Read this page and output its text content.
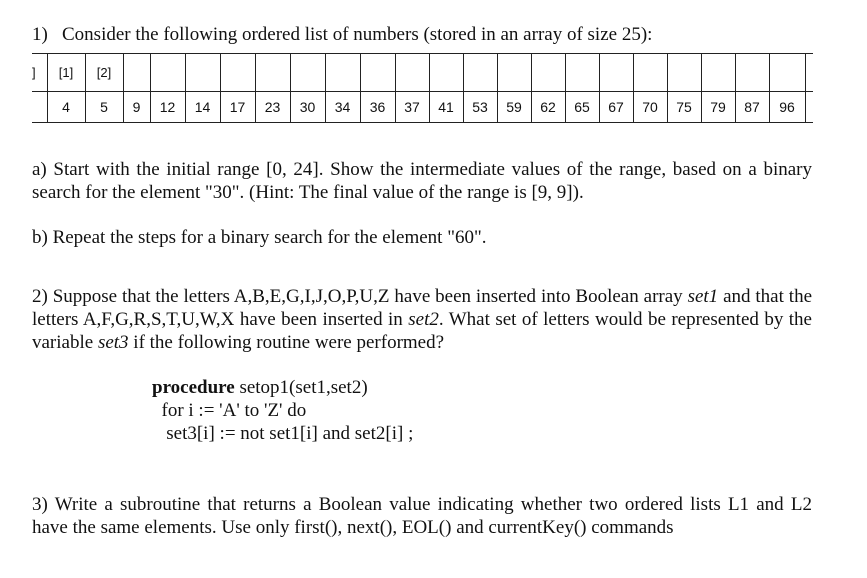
1) Consider the following ordered list of numbers (stored in an array of size 25):
]	[1]	[2]																					
	4	5	9	12	14	17	23	30	34	36	37	41	53	59	62	65	67	70	75	79	87	96	
a) Start with the initial range [0, 24]. Show the intermediate values of the range, based on a binary search for the element "30". (Hint: The final value of the range is [9, 9]).
b) Repeat the steps for a binary search for the element "60".
2) Suppose that the letters A,B,E,G,I,J,O,P,U,Z have been inserted into Boolean array set1 and that the letters A,F,G,R,S,T,U,W,X have been inserted in set2. What set of letters would be represented by the variable set3 if the following routine were performed?
procedure setop1(set1,set2)
for i := 'A' to 'Z' do
set3[i] := not set1[i] and set2[i] ;
3) Write a subroutine that returns a Boolean value indicating whether two ordered lists L1 and L2 have the same elements. Use only first(), next(), EOL() and currentKey() commands
